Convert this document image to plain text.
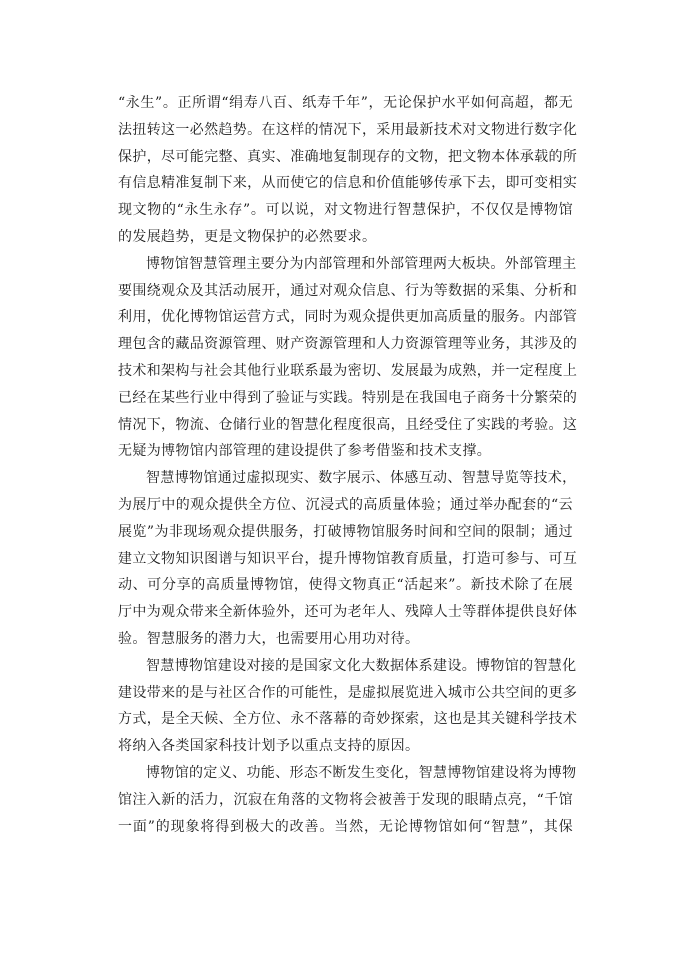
“永生”。正所谓“绢寿八百、纸寿千年”，无论保护水平如何高超，都无
法扭转这一必然趋势。在这样的情况下，采用最新技术对文物进行数字化
保护，尽可能完整、真实、准确地复制现存的文物，把文物本体承载的所
有信息精准复制下来，从而使它的信息和价值能够传承下去，即可变相实
现文物的“永生永存”。可以说，对文物进行智慧保护，不仅仅是博物馆
的发展趋势，更是文物保护的必然要求。
博物馆智慧管理主要分为内部管理和外部管理两大板块。外部管理主
要围绕观众及其活动展开，通过对观众信息、行为等数据的采集、分析和
利用，优化博物馆运营方式，同时为观众提供更加高质量的服务。内部管
理包含的藏品资源管理、财产资源管理和人力资源管理等业务，其涉及的
技术和架构与社会其他行业联系最为密切、发展最为成熟，并一定程度上
已经在某些行业中得到了验证与实践。特别是在我国电子商务十分繁荣的
情况下，物流、仓储行业的智慧化程度很高，且经受住了实践的考验。这
无疑为博物馆内部管理的建设提供了参考借鉴和技术支撑。
智慧博物馆通过虚拟现实、数字展示、体感互动、智慧导览等技术，
为展厅中的观众提供全方位、沉浸式的高质量体验；通过举办配套的“云
展览”为非现场观众提供服务，打破博物馆服务时间和空间的限制；通过
建立文物知识图谱与知识平台，提升博物馆教育质量，打造可参与、可互
动、可分享的高质量博物馆，使得文物真正“活起来”。新技术除了在展
厅中为观众带来全新体验外，还可为老年人、残障人士等群体提供良好体
验。智慧服务的潜力大，也需要用心用功对待。
智慧博物馆建设对接的是国家文化大数据体系建设。博物馆的智慧化
建设带来的是与社区合作的可能性，是虚拟展览进入城市公共空间的更多
方式，是全天候、全方位、永不落幕的奇妙探索，这也是其关键科学技术
将纳入各类国家科技计划予以重点支持的原因。
博物馆的定义、功能、形态不断发生变化，智慧博物馆建设将为博物
馆注入新的活力，沉寂在角落的文物将会被善于发现的眼睛点亮，“千馆
一面”的现象将得到极大的改善。当然，无论博物馆如何“智慧”，其保
